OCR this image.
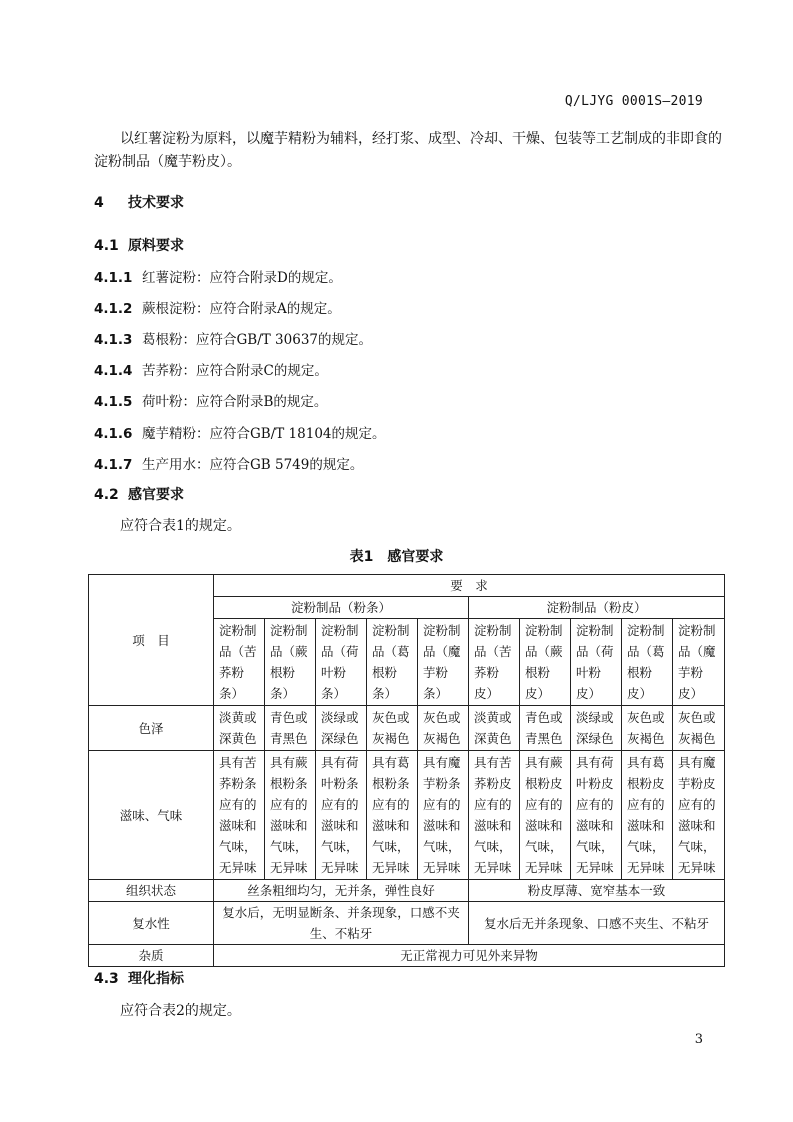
Q/LJYG 0001S—2019
以红薯淀粉为原料，以魔芋精粉为辅料，经打浆、成型、冷却、干燥、包装等工艺制成的非即食的
淀粉制品（魔芋粉皮）。
4 技术要求
4.1 原料要求
4.1.1 红薯淀粉：应符合附录D的规定。
4.1.2 蕨根淀粉：应符合附录A的规定。
4.1.3 葛根粉：应符合GB/T 30637的规定。
4.1.4 苦荞粉：应符合附录C的规定。
4.1.5 荷叶粉：应符合附录B的规定。
4.1.6 魔芋精粉：应符合GB/T 18104的规定。
4.1.7 生产用水：应符合GB 5749的规定。
4.2 感官要求
应符合表1的规定。
表1　感官要求
项　目	要　求									
	淀粉制品（粉条）					淀粉制品（粉皮）				
	淀粉制品（苦荞粉条）	淀粉制品（蕨根粉条）	淀粉制品（荷叶粉条）	淀粉制品（葛根粉条）	淀粉制品（魔芋粉条）	淀粉制品（苦荞粉皮）	淀粉制品（蕨根粉皮）	淀粉制品（荷叶粉皮）	淀粉制品（葛根粉皮）	淀粉制品（魔芋粉皮）
色泽	淡黄或深黄色	青色或青黑色	淡绿或深绿色	灰色或灰褐色	灰色或灰褐色	淡黄或深黄色	青色或青黑色	淡绿或深绿色	灰色或灰褐色	灰色或灰褐色
滋味、气味	具有苦荞粉条应有的滋味和气味，无异味	具有蕨根粉条应有的滋味和气味，无异味	具有荷叶粉条应有的滋味和气味，无异味	具有葛根粉条应有的滋味和气味，无异味	具有魔芋粉条应有的滋味和气味，无异味	具有苦荞粉皮应有的滋味和气味，无异味	具有蕨根粉皮应有的滋味和气味，无异味	具有荷叶粉皮应有的滋味和气味，无异味	具有葛根粉皮应有的滋味和气味，无异味	具有魔芋粉皮应有的滋味和气味，无异味
组织状态	丝条粗细均匀，无并条，弹性良好					粉皮厚薄、宽窄基本一致				
复水性	复水后，无明显断条、并条现象，口感不夹生、不粘牙					复水后无并条现象、口感不夹生、不粘牙				
杂质	无正常视力可见外来异物									
4.3 理化指标
应符合表2的规定。
3
